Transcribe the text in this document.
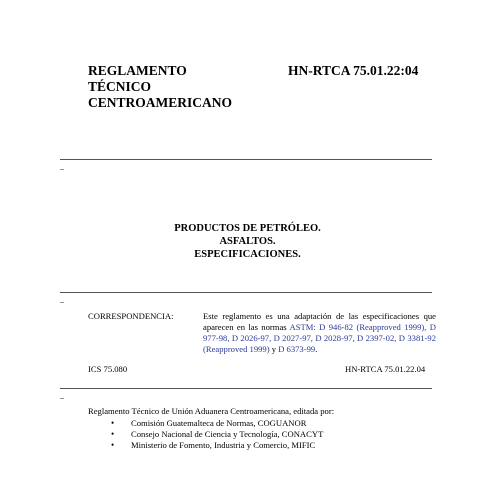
REGLAMENTO
TÉCNICO
CENTROAMERICANO
HN-RTCA 75.01.22:04
–
PRODUCTOS DE PETRÓLEO.
ASFALTOS.
ESPECIFICACIONES.
–
CORRESPONDENCIA:	Este reglamento es una adaptación de las especificaciones que aparecen en las normas ASTM: D 946-82 (Reapproved 1999), D 977-98, D 2026-97, D 2027-97, D 2028-97, D 2397-02, D 3381-92 (Reapproved 1999) y D 6373-99.
ICS 75.080	HN-RTCA 75.01.22.04
–
Reglamento Técnico de Unión Aduanera Centroamericana, editada por:
• Comisión Guatemalteca de Normas, COGUANOR
• Consejo Nacional de Ciencia y Tecnología, CONACYT
• Ministerio de Fomento, Industria y Comercio, MIFIC
